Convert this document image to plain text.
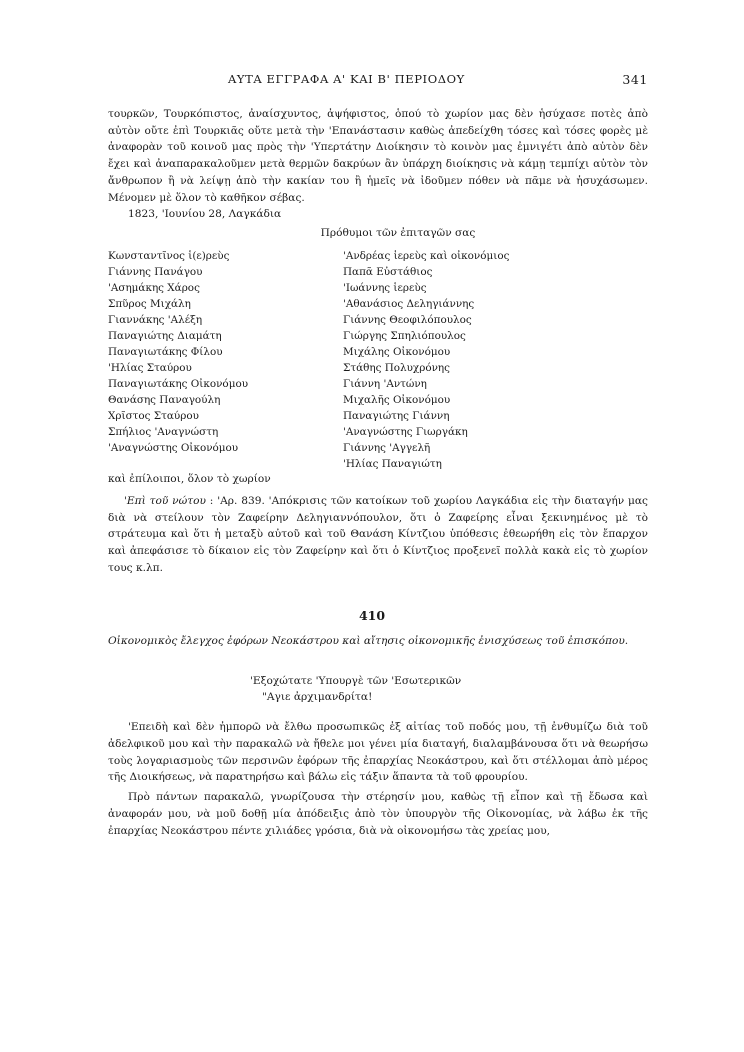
ΑΥΤΑ ΕΓΓΡΑΦΑ Α' ΚΑΙ Β' ΠΕΡΙΟΔΟΥ	341

τουρκῶν, Τουρκόπιστος, ἀναίσχυντος, ἀψήφιστος, ὁπού τὸ χωρίον μας δὲν ἡσύχασε ποτὲς ἀπὸ αὐτὸν οὔτε ἐπὶ Τουρκιᾶς οὔτε μετὰ τὴν 'Επανάστασιν καθὼς ἀπεδείχθη τόσες καὶ τόσες φορὲς μὲ ἀναφορὰν τοῦ κοινοῦ μας πρὸς τὴν 'Υπερτάτην Διοίκησιν τὸ κοινὸν μας ἐμνιγέτι ἀπὸ αὐτὸν δὲν ἔχει καὶ ἀναπαρακαλοῦμεν μετὰ θερμῶν δακρύων ἂν ὑπάρχη διοίκησις νὰ κάμῃ τεμπίχι αὐτὸν τὸν ἄνθρωπον ἢ νὰ λείψῃ ἀπὸ τὴν κακίαν του ἢ ἡμεῖς νὰ ἰδοῦμεν πόθεν νὰ πᾶμε νὰ ἡσυχάσωμεν. Μένομεν μὲ ὅλον τὸ καθῆκον σέβας.

1823, 'Ιουνίου 28, Λαγκάδια

Πρόθυμοι τῶν ἐπιταγῶν σας

Κωνσταντῖνος ἱ(ε)ρεὺς
Γιάννης Πανάγου
'Ασημάκης Χάρος
Σπῦρος Μιχάλη
Γιαννάκης 'Αλέξη
Παναγιώτης Διαμάτη
Παναγιωτάκης Φίλου
'Ηλίας Σταύρου
Παναγιωτάκης Οἰκονόμου
Θανάσης Παναγούλη
Χρῖστος Σταύρου
Σπήλιος 'Αναγνώστη
'Αναγνώστης Οἰκονόμου
'Ανδρέας ἱερεὺς καὶ οἰκονόμιος
Παπᾶ Εὐστάθιος
'Ιωάννης ἱερεὺς
'Αθανάσιος Δεληγιάννης
Γιάννης Θεοφιλόπουλος
Γιώργης Σπηλιόπουλος
Μιχάλης Οἰκονόμου
Στάθης Πολυχρόνης
Γιάννη 'Αντώνη
Μιχαλῆς Οἰκονόμου
Παναγιώτης Γιάννη
'Αναγνώστης Γιωργάκη
Γιάννης 'Αγγελῆ
'Ηλίας Παναγιώτη
καὶ ἐπίλοιποι, ὅλον τὸ χωρίον

'Επὶ τοῦ νώτου : 'Αρ. 839. 'Απόκρισις τῶν κατοίκων τοῦ χωρίου Λαγκάδια εἰς τὴν διαταγήν μας διὰ νὰ στείλουν τὸν Ζαφείρην Δεληγιαννόπουλον, ὅτι ὁ Ζαφείρης εἶναι ξεκινημένος μὲ τὸ στράτευμα καὶ ὅτι ἡ μεταξὺ αὐτοῦ καὶ τοῦ Θανάση Κίντζιου ὑπόθεσις ἐθεωρήθη εἰς τὸν ἔπαρχον καὶ ἀπεφάσισε τὸ δίκαιον εἰς τὸν Ζαφείρην καὶ ὅτι ὁ Κίντζιος προξενεῖ πολλὰ κακὰ εἰς τὸ χωρίον τους κ.λπ.

410
Οἰκονομικὸς ἔλεγχος ἐφόρων Νεοκάστρου καὶ αἴτησις οἰκονομικῆς ἐνισχύσεως τοῦ ἐπισκόπου.
'Εξοχώτατε 'Υπουργὲ τῶν 'Εσωτερικῶν
"Αγιε ἀρχιμανδρίτα!

'Επειδὴ καὶ δὲν ἠμπορῶ νὰ ἔλθω προσωπικῶς ἐξ αἰτίας τοῦ ποδός μου, τῇ ἐνθυμίζω διὰ τοῦ ἀδελφικοῦ μου καὶ τὴν παρακαλῶ νὰ ἤθελε μοι γένει μία διαταγή, διαλαμβάνουσα ὅτι νὰ θεωρήσω τοὺς λογαριασμοὺς τῶν περσινῶν ἐφόρων τῆς ἐπαρχίας Νεοκάστρου, καὶ ὅτι στέλλομαι ἀπὸ μέρος τῆς Διοικήσεως, νὰ παρατηρήσω καὶ βάλω εἰς τάξιν ἅπαντα τὰ τοῦ φρουρίου.

Πρὸ πάντων παρακαλῶ, γνωρίζουσα τὴν στέρησίν μου, καθὼς τῇ εἶπον καὶ τῇ ἔδωσα καὶ ἀναφοράν μου, νὰ μοῦ δοθῇ μία ἀπόδειξις ἀπὸ τὸν ὑπουργὸν τῆς Οἰκονομίας, νὰ λάβω ἐκ τῆς ἐπαρχίας Νεοκάστρου πέντε χιλιάδες γρόσια, διὰ νὰ οἰκονομήσω τὰς χρείας μου,
